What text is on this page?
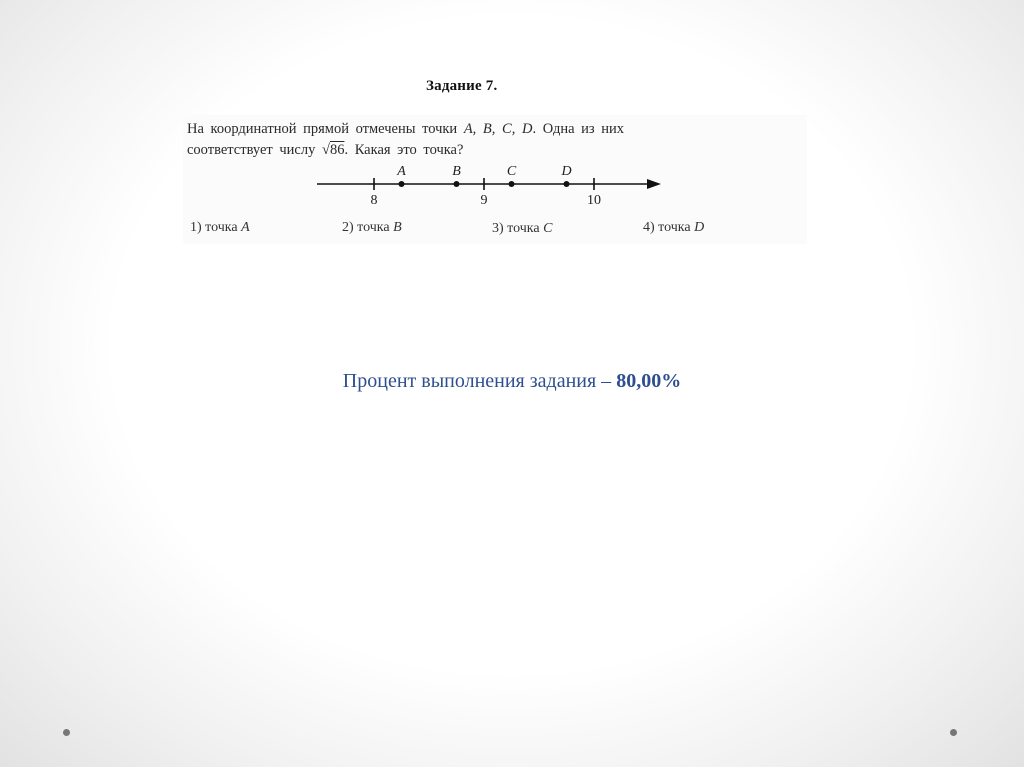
Задание 7.
На координатной прямой отмечены точки A, B, C, D. Одна из них
соответствует числу √86. Какая это точка?
8	9	10
A	B	C	D
1) точка A	2) точка B	3) точка C	4) точка D
Процент выполнения задания – 80,00%
